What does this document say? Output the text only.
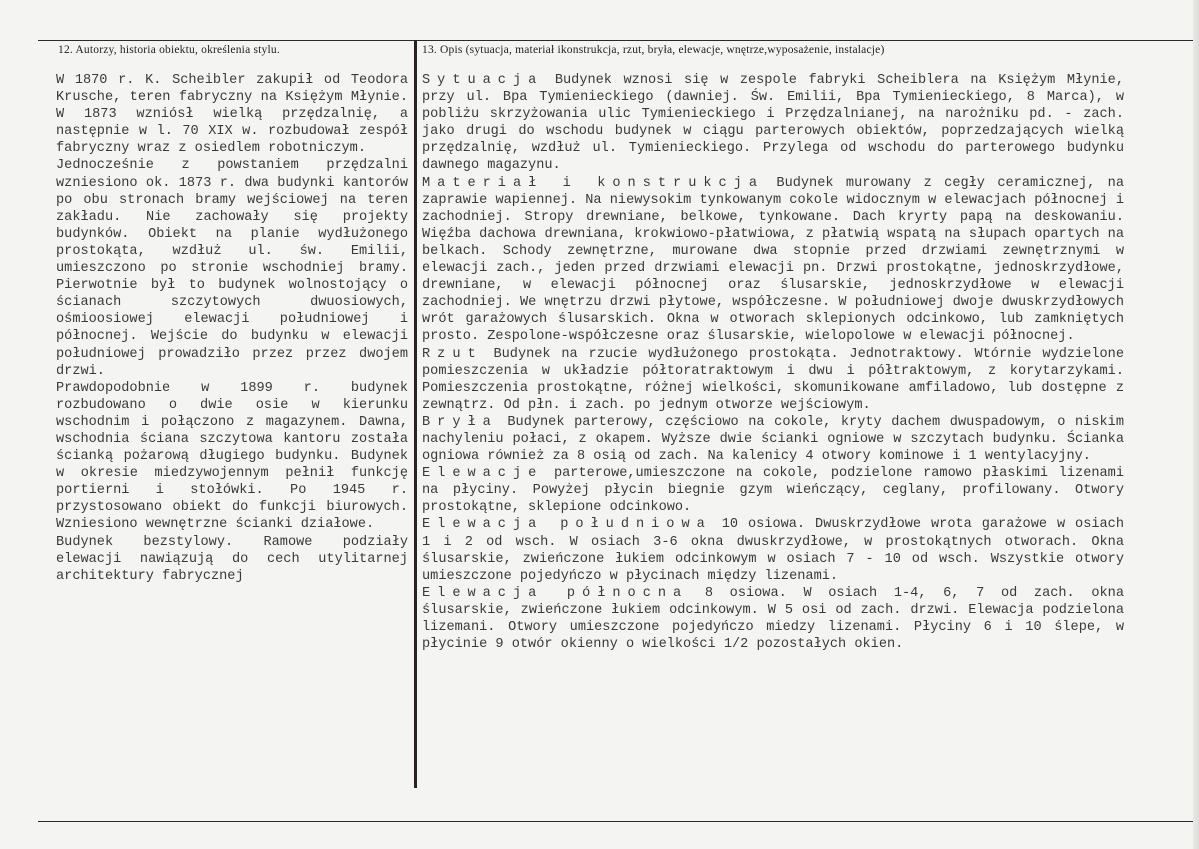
12. Autorzy, historia obiektu, określenia stylu.	13. Opis (sytuacja, materiał ikonstrukcja, rzut, bryła, elewacje, wnętrze,wyposażenie, instalacje)

W 1870 r. K. Scheibler zakupił od Teodora Krusche, teren fabryczny na Księżym Młynie. W 1873 wzniósł wielką przędzalnię, a następnie w l. 70 XIX w. rozbudował zespół fabryczny wraz z osiedlem robotniczym.

Jednocześnie z powstaniem przędzalni wzniesiono ok. 1873 r. dwa budynki kantorów po obu stronach bramy wejściowej na teren zakładu. Nie zachowały się projekty budynków. Obiekt na planie wydłużonego prostokąta, wzdłuż ul. św. Emilii, umieszczono po stronie wschodniej bramy. Pierwotnie był to budynek wolnostojący o ścianach szczytowych dwuosiowych, ośmioosiowej elewacji południowej i północnej. Wejście do budynku w elewacji południowej prowadziło przez przez dwojem drzwi.

Prawdopodobnie w 1899 r. budynek rozbudowano o dwie osie w kierunku wschodnim i połączono z magazynem. Dawna, wschodnia ściana szczytowa kantoru została ścianką pożarową długiego budynku. Budynek w okresie miedzywojennym pełnił funkcję portierni i stołówki. Po 1945 r. przystosowano obiekt do funkcji biurowych. Wzniesiono wewnętrzne ścianki działowe.

Budynek bezstylowy. Ramowe podziały elewacji nawiązują do cech utylitarnej architektury fabrycznej

Sytuacja Budynek wznosi się w zespole fabryki Scheiblera na Księżym Młynie, przy ul. Bpa Tymienieckiego (dawniej. Św. Emilii, Bpa Tymienieckiego, 8 Marca), w pobliżu skrzyżowania ulic Tymienieckiego i Przędzalnianej, na narożniku pd. - zach. jako drugi do wschodu budynek w ciągu parterowych obiektów, poprzedzających wielką przędzalnię, wzdłuż ul. Tymienieckiego. Przylega od wschodu do parterowego budynku dawnego magazynu.

Materiał i konstrukcja Budynek murowany z cegły ceramicznej, na zaprawie wapiennej. Na niewysokim tynkowanym cokole widocznym w elewacjach północnej i zachodniej. Stropy drewniane, belkowe, tynkowane. Dach kryrty papą na deskowaniu. Więźba dachowa drewniana, krokwiowo-płatwiowa, z płatwią wspatą na słupach opartych na belkach. Schody zewnętrzne, murowane dwa stopnie przed drzwiami zewnętrznymi w elewacji zach., jeden przed drzwiami elewacji pn. Drzwi prostokątne, jednoskrzydłowe, drewniane, w elewacji północnej oraz ślusarskie, jednoskrzydłowe w elewacji zachodniej. We wnętrzu drzwi płytowe, współczesne. W południowej dwoje dwuskrzydłowych wrót garażowych ślusarskich. Okna w otworach sklepionych odcinkowo, lub zamkniętych prosto. Zespolone-współczesne oraz ślusarskie, wielopolowe w elewacji północnej.

Rzut Budynek na rzucie wydłużonego prostokąta. Jednotraktowy. Wtórnie wydzielone pomieszczenia w układzie półtoratraktowym i dwu i półtraktowym, z korytarzykami. Pomieszczenia prostokątne, różnej wielkości, skomunikowane amfiladowo, lub dostępne z zewnątrz. Od płn. i zach. po jednym otworze wejściowym.

Bryła Budynek parterowy, częściowo na cokole, kryty dachem dwuspadowym, o niskim nachyleniu połaci, z okapem. Wyższe dwie ścianki ogniowe w szczytach budynku. Ścianka ogniowa również za 8 osią od zach. Na kalenicy 4 otwory kominowe i 1 wentylacyjny.

Elewacje parterowe,umieszczone na cokole, podzielone ramowo płaskimi lizenami na płyciny. Powyżej płycin biegnie gzym wieńczący, ceglany, profilowany. Otwory prostokątne, sklepione odcinkowo.

Elewacja południowa 10 osiowa. Dwuskrzydłowe wrota garażowe w osiach 1 i 2 od wsch. W osiach 3-6 okna dwuskrzydłowe, w prostokątnych otworach. Okna ślusarskie, zwieńczone łukiem odcinkowym w osiach 7 - 10 od wsch. Wszystkie otwory umieszczone pojedyńczo w płycinach między lizenami.

Elewacja północna 8 osiowa. W osiach 1-4, 6, 7 od zach. okna ślusarskie, zwieńczone łukiem odcinkowym. W 5 osi od zach. drzwi. Elewacja podzielona lizemani. Otwory umieszczone pojedyńczo miedzy lizenami. Płyciny 6 i 10 ślepe, w płycinie 9 otwór okienny o wielkości 1/2 pozostałych okien.
